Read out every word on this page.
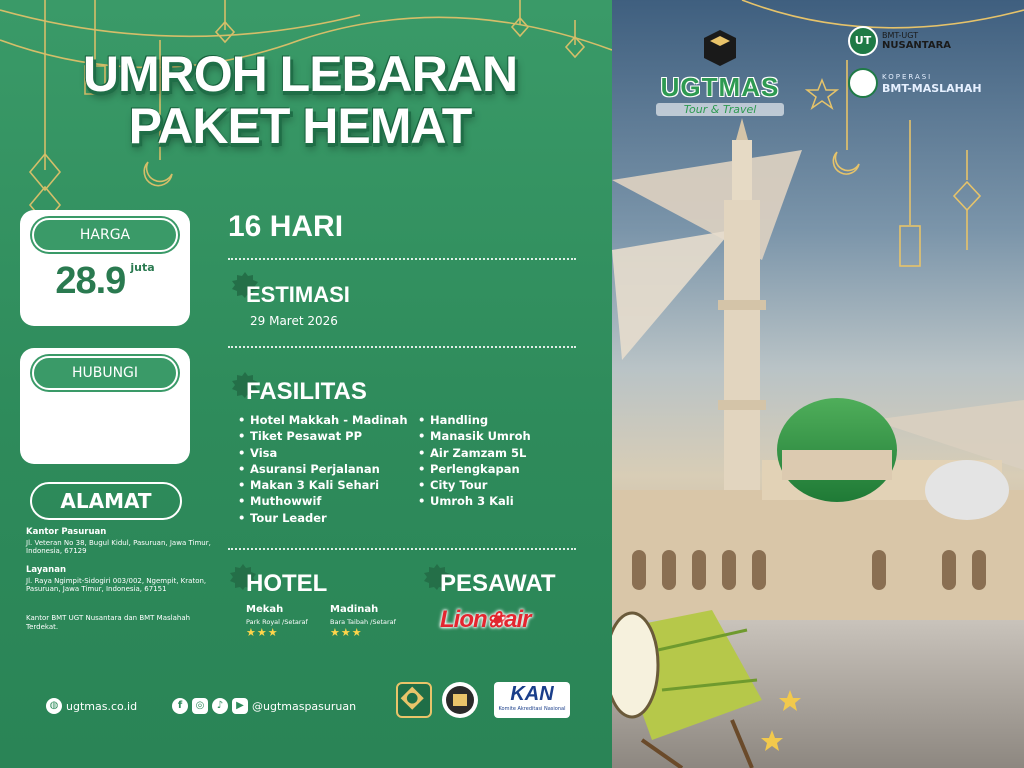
UMROH LEBARAN
PAKET HEMAT
HARGA
28.9 $^{juta}$
HUBUNGI
ALAMAT
Kantor Pasuruan
Jl. Veteran No 38, Bugul Kidul, Pasuruan, Jawa Timur, Indonesia, 67129
Layanan
Jl. Raya Ngimpit-Sidogiri 003/002, Ngempit, Kraton, Pasuruan, Jawa Timur, Indonesia, 67151
Kantor BMT UGT Nusantara dan BMT Maslahah Terdekat.
16 HARI
ESTIMASI
29 Maret 2026
FASILITAS
• Hotel Makkah - Madinah
• Tiket Pesawat PP
• Visa
• Asuransi Perjalanan
• Makan 3 Kali Sehari
• Muthowwif
• Tour Leader
• Handling
• Manasik Umroh
• Air Zamzam 5L
• Perlengkapan
• City Tour
• Umroh 3 Kali
HOTEL
Mekah
Park Royal /Setaraf
★★★
Madinah
Bara Taibah /Setaraf
★★★
PESAWAT
Lion❀air
◍ ugtmas.co.id	f	◎	♪	▶ @ugtmaspasuruan
KAN
Komite Akreditasi Nasional
UGTMAS
Tour & Travel
UT	BMT-UGT
NUSANTARA
KOPERASI
BMT-MASLAHAH
